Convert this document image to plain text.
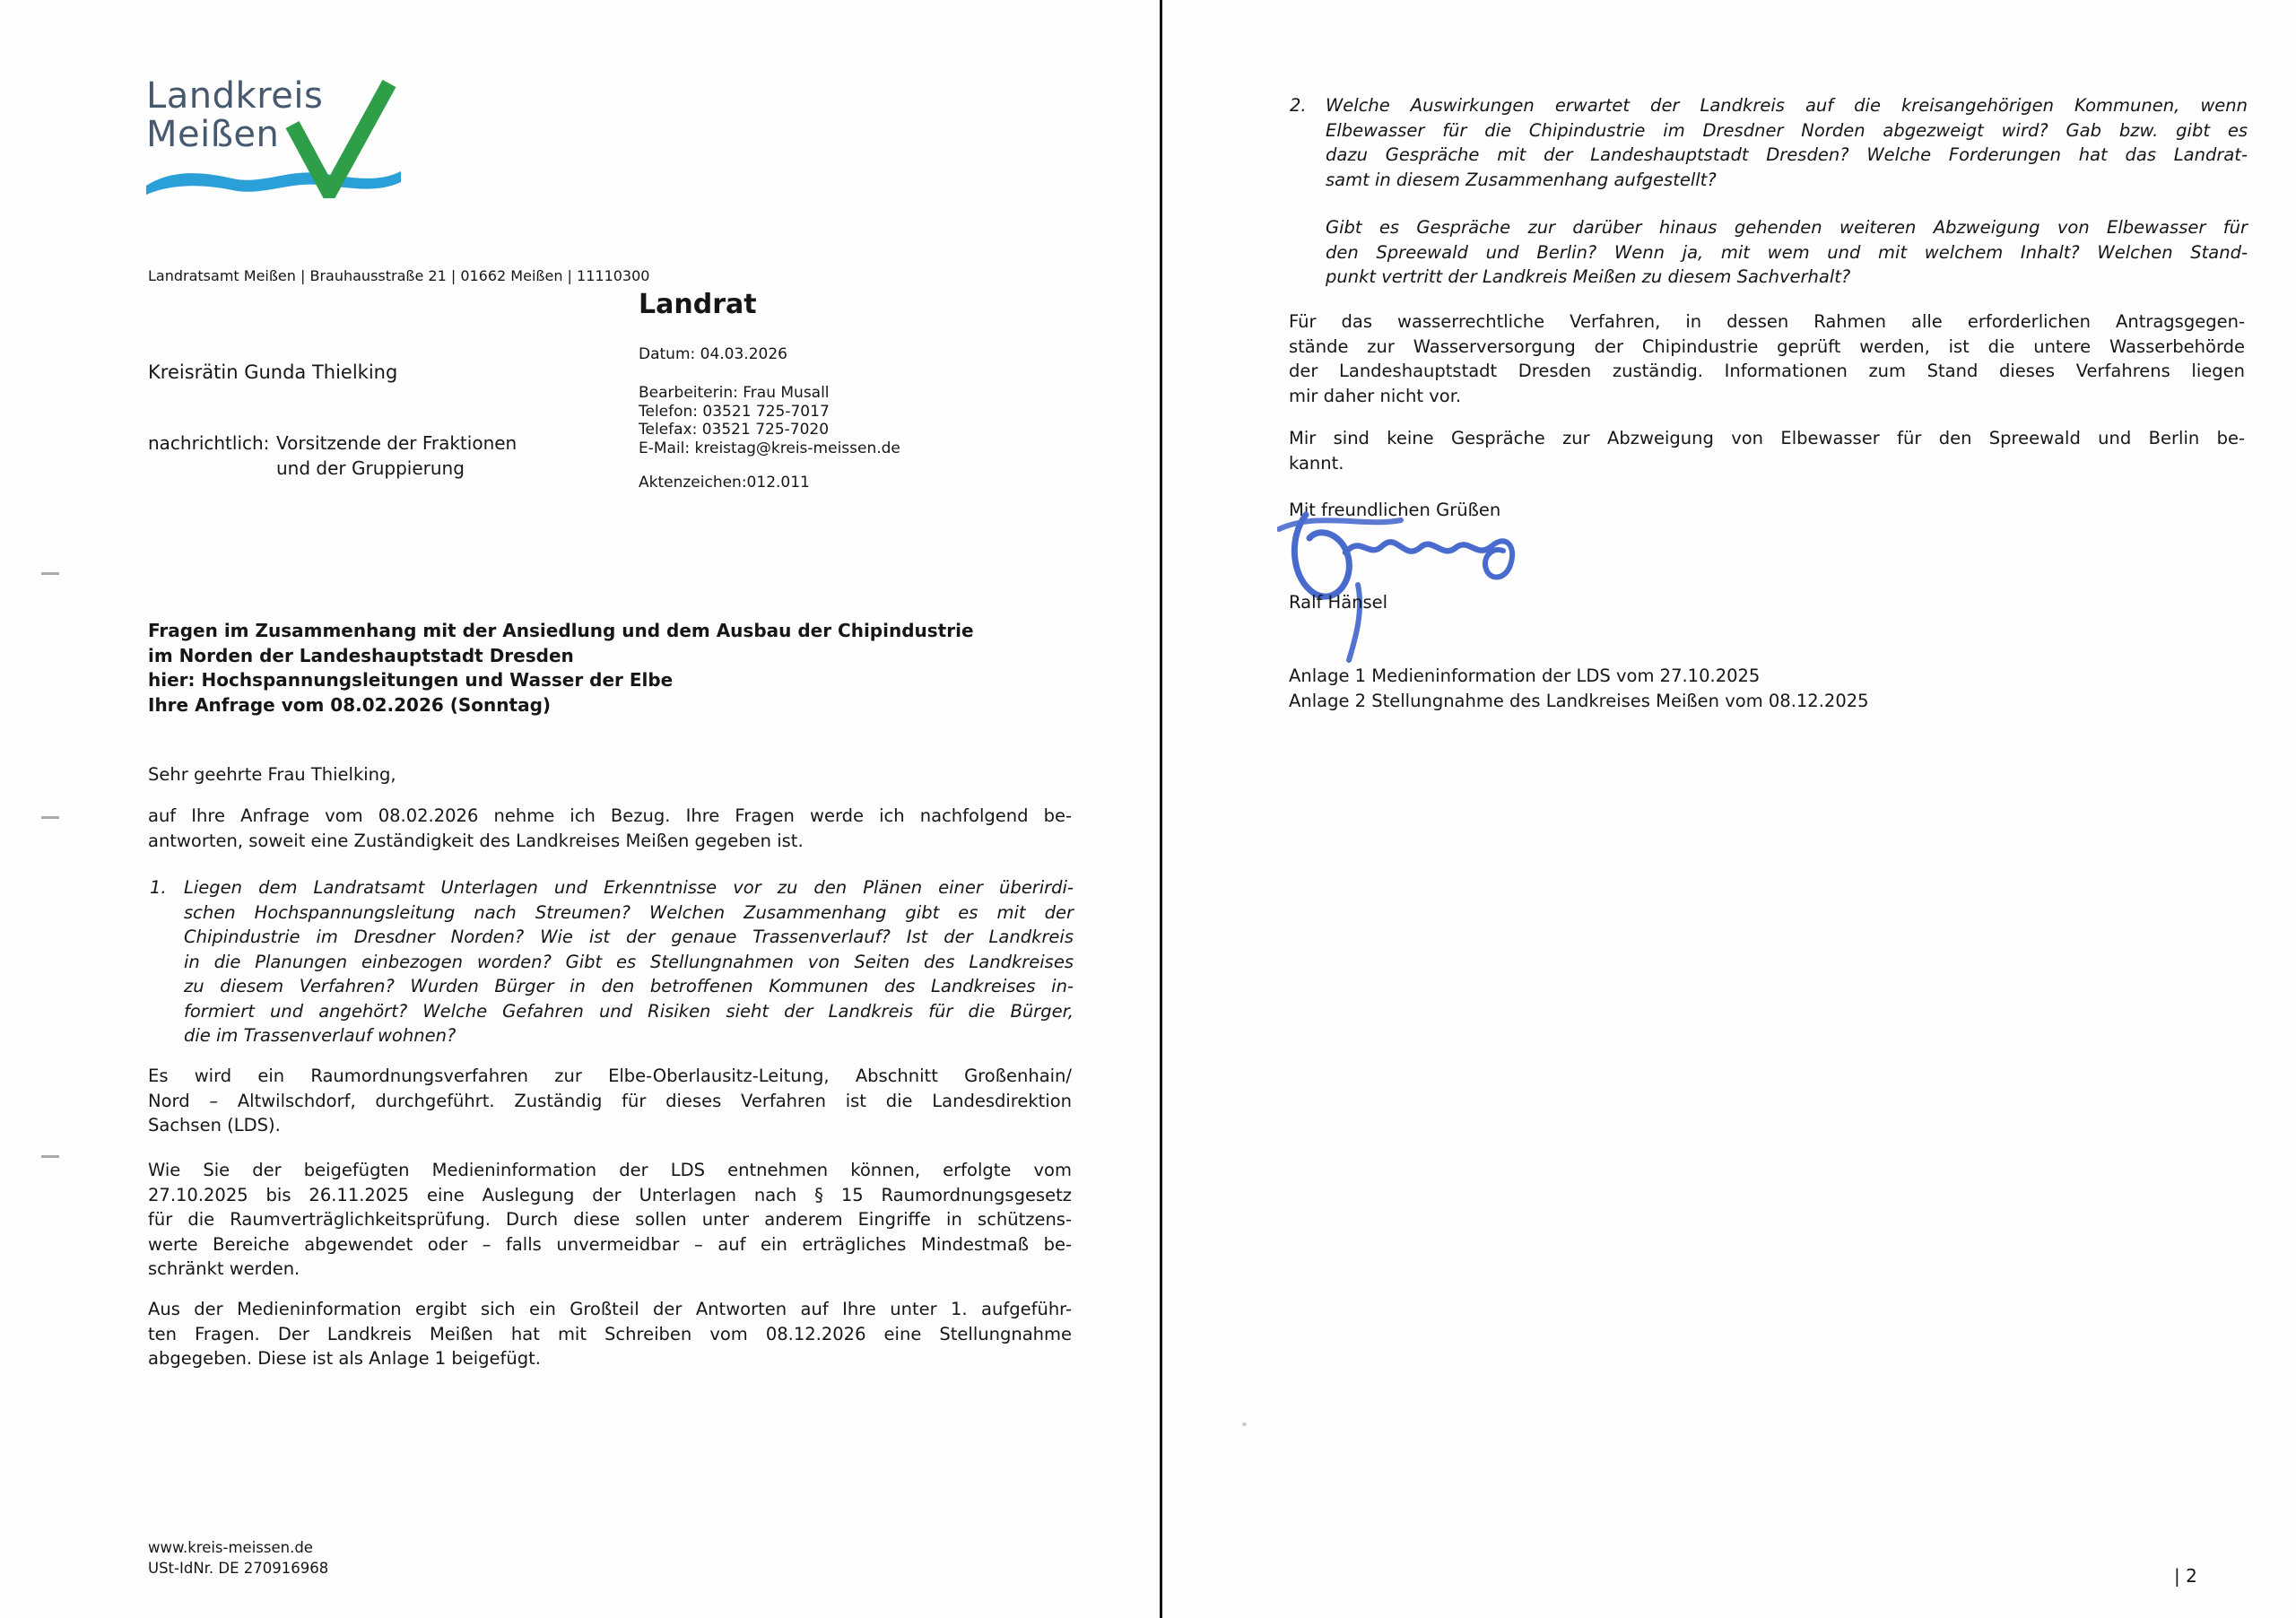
Landkreis
Meißen
Landratsamt Meißen | Brauhausstraße 21 | 01662 Meißen | 11110300
Kreisrätin Gunda Thielking
nachrichtlich: Vorsitzende der Fraktionen
und der Gruppierung
Landrat
Datum: 04.03.2026
Bearbeiterin: Frau Musall
Telefon: 03521 725-7017
Telefax: 03521 725-7020
E-Mail: kreistag@kreis-meissen.de
Aktenzeichen:012.011
Fragen im Zusammenhang mit der Ansiedlung und dem Ausbau der Chipindustrie
im Norden der Landeshauptstadt Dresden
hier: Hochspannungsleitungen und Wasser der Elbe
Ihre Anfrage vom 08.02.2026 (Sonntag)
Sehr geehrte Frau Thielking,
auf Ihre Anfrage vom 08.02.2026 nehme ich Bezug. Ihre Fragen werde ich nachfolgend be-
antworten, soweit eine Zuständigkeit des Landkreises Meißen gegeben ist.
1. Liegen dem Landratsamt Unterlagen und Erkenntnisse vor zu den Plänen einer überirdi-
schen Hochspannungsleitung nach Streumen? Welchen Zusammenhang gibt es mit der
Chipindustrie im Dresdner Norden? Wie ist der genaue Trassenverlauf? Ist der Landkreis
in die Planungen einbezogen worden? Gibt es Stellungnahmen von Seiten des Landkreises
zu diesem Verfahren? Wurden Bürger in den betroffenen Kommunen des Landkreises in-
formiert und angehört? Welche Gefahren und Risiken sieht der Landkreis für die Bürger,
die im Trassenverlauf wohnen?
Es wird ein Raumordnungsverfahren zur Elbe-Oberlausitz-Leitung, Abschnitt Großenhain/
Nord – Altwilschdorf, durchgeführt. Zuständig für dieses Verfahren ist die Landesdirektion
Sachsen (LDS).
Wie Sie der beigefügten Medieninformation der LDS entnehmen können, erfolgte vom
27.10.2025 bis 26.11.2025 eine Auslegung der Unterlagen nach § 15 Raumordnungsgesetz
für die Raumverträglichkeitsprüfung. Durch diese sollen unter anderem Eingriffe in schützens-
werte Bereiche abgewendet oder – falls unvermeidbar – auf ein erträgliches Mindestmaß be-
schränkt werden.
Aus der Medieninformation ergibt sich ein Großteil der Antworten auf Ihre unter 1. aufgeführ-
ten Fragen. Der Landkreis Meißen hat mit Schreiben vom 08.12.2026 eine Stellungnahme
abgegeben. Diese ist als Anlage 1 beigefügt.
www.kreis-meissen.de
USt-IdNr. DE 270916968
2. Welche Auswirkungen erwartet der Landkreis auf die kreisangehörigen Kommunen, wenn
Elbewasser für die Chipindustrie im Dresdner Norden abgezweigt wird? Gab bzw. gibt es
dazu Gespräche mit der Landeshauptstadt Dresden? Welche Forderungen hat das Landrat-
samt in diesem Zusammenhang aufgestellt?
Gibt es Gespräche zur darüber hinaus gehenden weiteren Abzweigung von Elbewasser für
den Spreewald und Berlin? Wenn ja, mit wem und mit welchem Inhalt? Welchen Stand-
punkt vertritt der Landkreis Meißen zu diesem Sachverhalt?
Für das wasserrechtliche Verfahren, in dessen Rahmen alle erforderlichen Antragsgegen-
stände zur Wasserversorgung der Chipindustrie geprüft werden, ist die untere Wasserbehörde
der Landeshauptstadt Dresden zuständig. Informationen zum Stand dieses Verfahrens liegen
mir daher nicht vor.
Mir sind keine Gespräche zur Abzweigung von Elbewasser für den Spreewald und Berlin be-
kannt.
Mit freundlichen Grüßen
Ralf Hänsel
Anlage 1 Medieninformation der LDS vom 27.10.2025
Anlage 2 Stellungnahme des Landkreises Meißen vom 08.12.2025
| 2
